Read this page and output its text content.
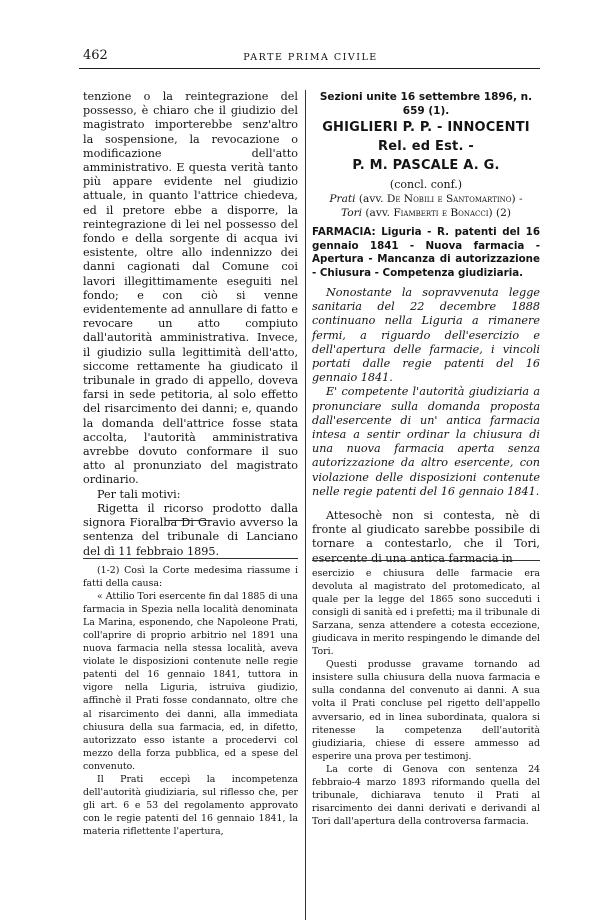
462	PARTE PRIMA CIVILE

tenzione o la reintegrazione del possesso, è chiaro che il giudizio del magistrato importerebbe senz'altro la sospensione, la revocazione o modificazione dell'atto amministrativo. E questa verità tanto più appare evidente nel giudizio attuale, in quanto l'attrice chiedeva, ed il pretore ebbe a disporre, la reintegrazione di lei nel possesso del fondo e della sorgente di acqua ivi esistente, oltre allo indennizzo dei danni cagionati dal Comune coi lavori illegittimamente eseguiti nel fondo; e con ciò si venne evidentemente ad annullare di fatto e revocare un atto compiuto dall'autorità amministrativa. Invece, il giudizio sulla legittimità dell'atto, siccome rettamente ha giudicato il tribunale in grado di appello, doveva farsi in sede petitoria, al solo effetto del risarcimento dei danni; e, quando la domanda dell'attrice fosse stata accolta, l'autorità amministrativa avrebbe dovuto conformare il suo atto al pronunziato del magistrato ordinario.

Per tali motivi:

Rigetta il ricorso prodotto dalla signora Fioralba Di Gravio avverso la sentenza del tribunale di Lanciano del dì 11 febbraio 1895.

Sezioni unite 16 settembre 1896, n. 659 (1).
GHIGLIERI P. P. - INNOCENTI Rel. ed Est. -
P. M. PASCALE A. G.
(concl. conf.)
Prati (avv. De Nobili e Santomartino) -
Tori (avv. Fiamberti e Bonacci) (2)
FARMACIA: Liguria - R. patenti del 16 gennaio 1841 - Nuova farmacia - Apertura - Mancanza di autorizzazione - Chiusura - Competenza giudiziaria.

Nonostante la sopravvenuta legge sanitaria del 22 decembre 1888 continuano nella Liguria a rimanere fermi, a riguardo dell'esercizio e dell'apertura delle farmacie, i vincoli portati dalle regie patenti del 16 gennaio 1841.

E' competente l'autorità giudiziaria a pronunciare sulla domanda proposta dall'esercente di un' antica farmacia intesa a sentir ordinar la chiusura di una nuova farmacia aperta senza autorizzazione da altro esercente, con violazione delle disposizioni contenute nelle regie patenti del 16 gennaio 1841.

Attesochè non si contesta, nè di fronte al giudicato sarebbe possibile di tornare a contestarlo, che il Tori, esercente di una antica farmacia in

(1-2) Così la Corte medesima riassume i fatti della causa:

« Attilio Tori esercente fin dal 1885 di una farmacia in Spezia nella località denominata La Marina, esponendo, che Napoleone Prati, coll'aprire di proprio arbitrio nel 1891 una nuova farmacia nella stessa località, aveva violate le disposizioni contenute nelle regie patenti del 16 gennaio 1841, tuttora in vigore nella Liguria, istruiva giudizio, affinchè il Prati fosse condannato, oltre che al risarcimento dei danni, alla immediata chiusura della sua farmacia, ed, in difetto, autorizzato esso istante a procedervi col mezzo della forza pubblica, ed a spese del convenuto.

Il Prati eccepì la incompetenza dell'autorità giudiziaria, sul riflesso che, per gli art. 6 e 53 del regolamento approvato con le regie patenti del 16 gennaio 1841, la materia riflettente l'apertura,

esercizio e chiusura delle farmacie era devoluta al magistrato del protomedicato, al quale per la legge del 1865 sono succeduti i consigli di sanità ed i prefetti; ma il tribunale di Sarzana, senza attendere a cotesta eccezione, giudicava in merito respingendo le dimande del Tori.

Questi produsse gravame tornando ad insistere sulla chiusura della nuova farmacia e sulla condanna del convenuto ai danni. A sua volta il Prati concluse pel rigetto dell'appello avversario, ed in linea subordinata, qualora si ritenesse la competenza dell'autorità giudiziaria, chiese di essere ammesso ad esperire una prova per testimonj.

La corte di Genova con sentenza 24 febbraio-4 marzo 1893 riformando quella del tribunale, dichiarava tenuto il Prati al risarcimento dei danni derivati e derivandi al Tori dall'apertura della controversa farmacia.
